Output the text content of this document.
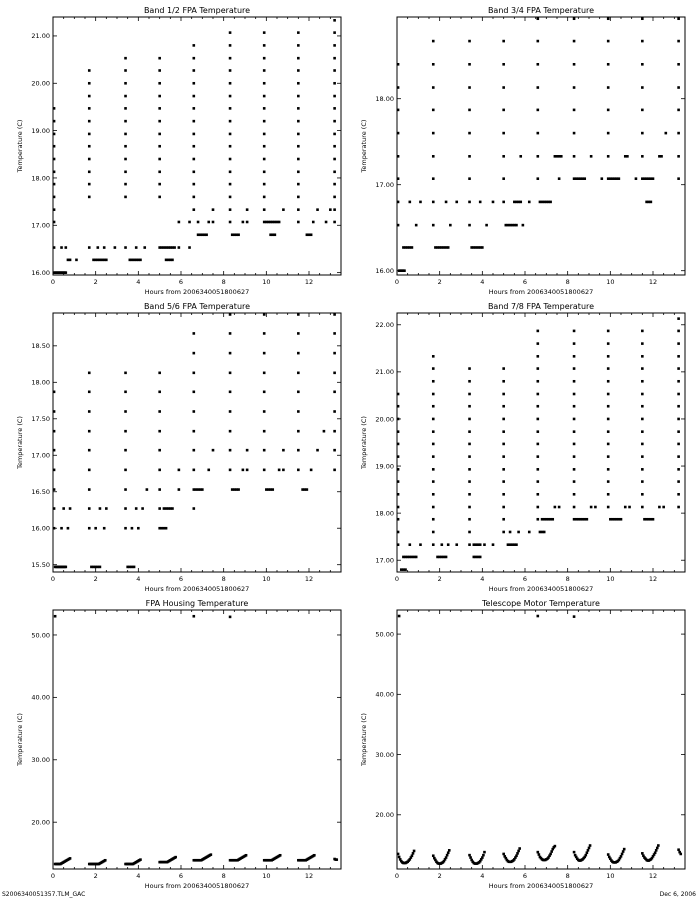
Band 1/2 FPA Temperature
Hours from 2006340051800627
Temperature (C)
0	2	4	6	8	10	12
16.00
17.00
18.00
19.00
20.00
21.00
Band 3/4 FPA Temperature
Hours from 2006340051800627
Temperature (C)
0	2	4	6	8	10	12
16.00
17.00
18.00
Band 5/6 FPA Temperature
Hours from 2006340051800627
Temperature (C)
0	2	4	6	8	10	12
15.50
16.00
16.50
17.00
17.50
18.00
18.50
Band 7/8 FPA Temperature
Hours from 2006340051800627
Temperature (C)
0	2	4	6	8	10	12
17.00
18.00
19.00
20.00
21.00
22.00
FPA Housing Temperature
Hours from 2006340051800627
Temperature (C)
0	2	4	6	8	10	12
20.00
30.00
40.00
50.00
Telescope Motor Temperature
Hours from 2006340051800627
Temperature (C)
0	2	4	6	8	10	12
20.00
30.00
40.00
50.00
S2006340051357.TLM_GAC	Dec 6, 2006
